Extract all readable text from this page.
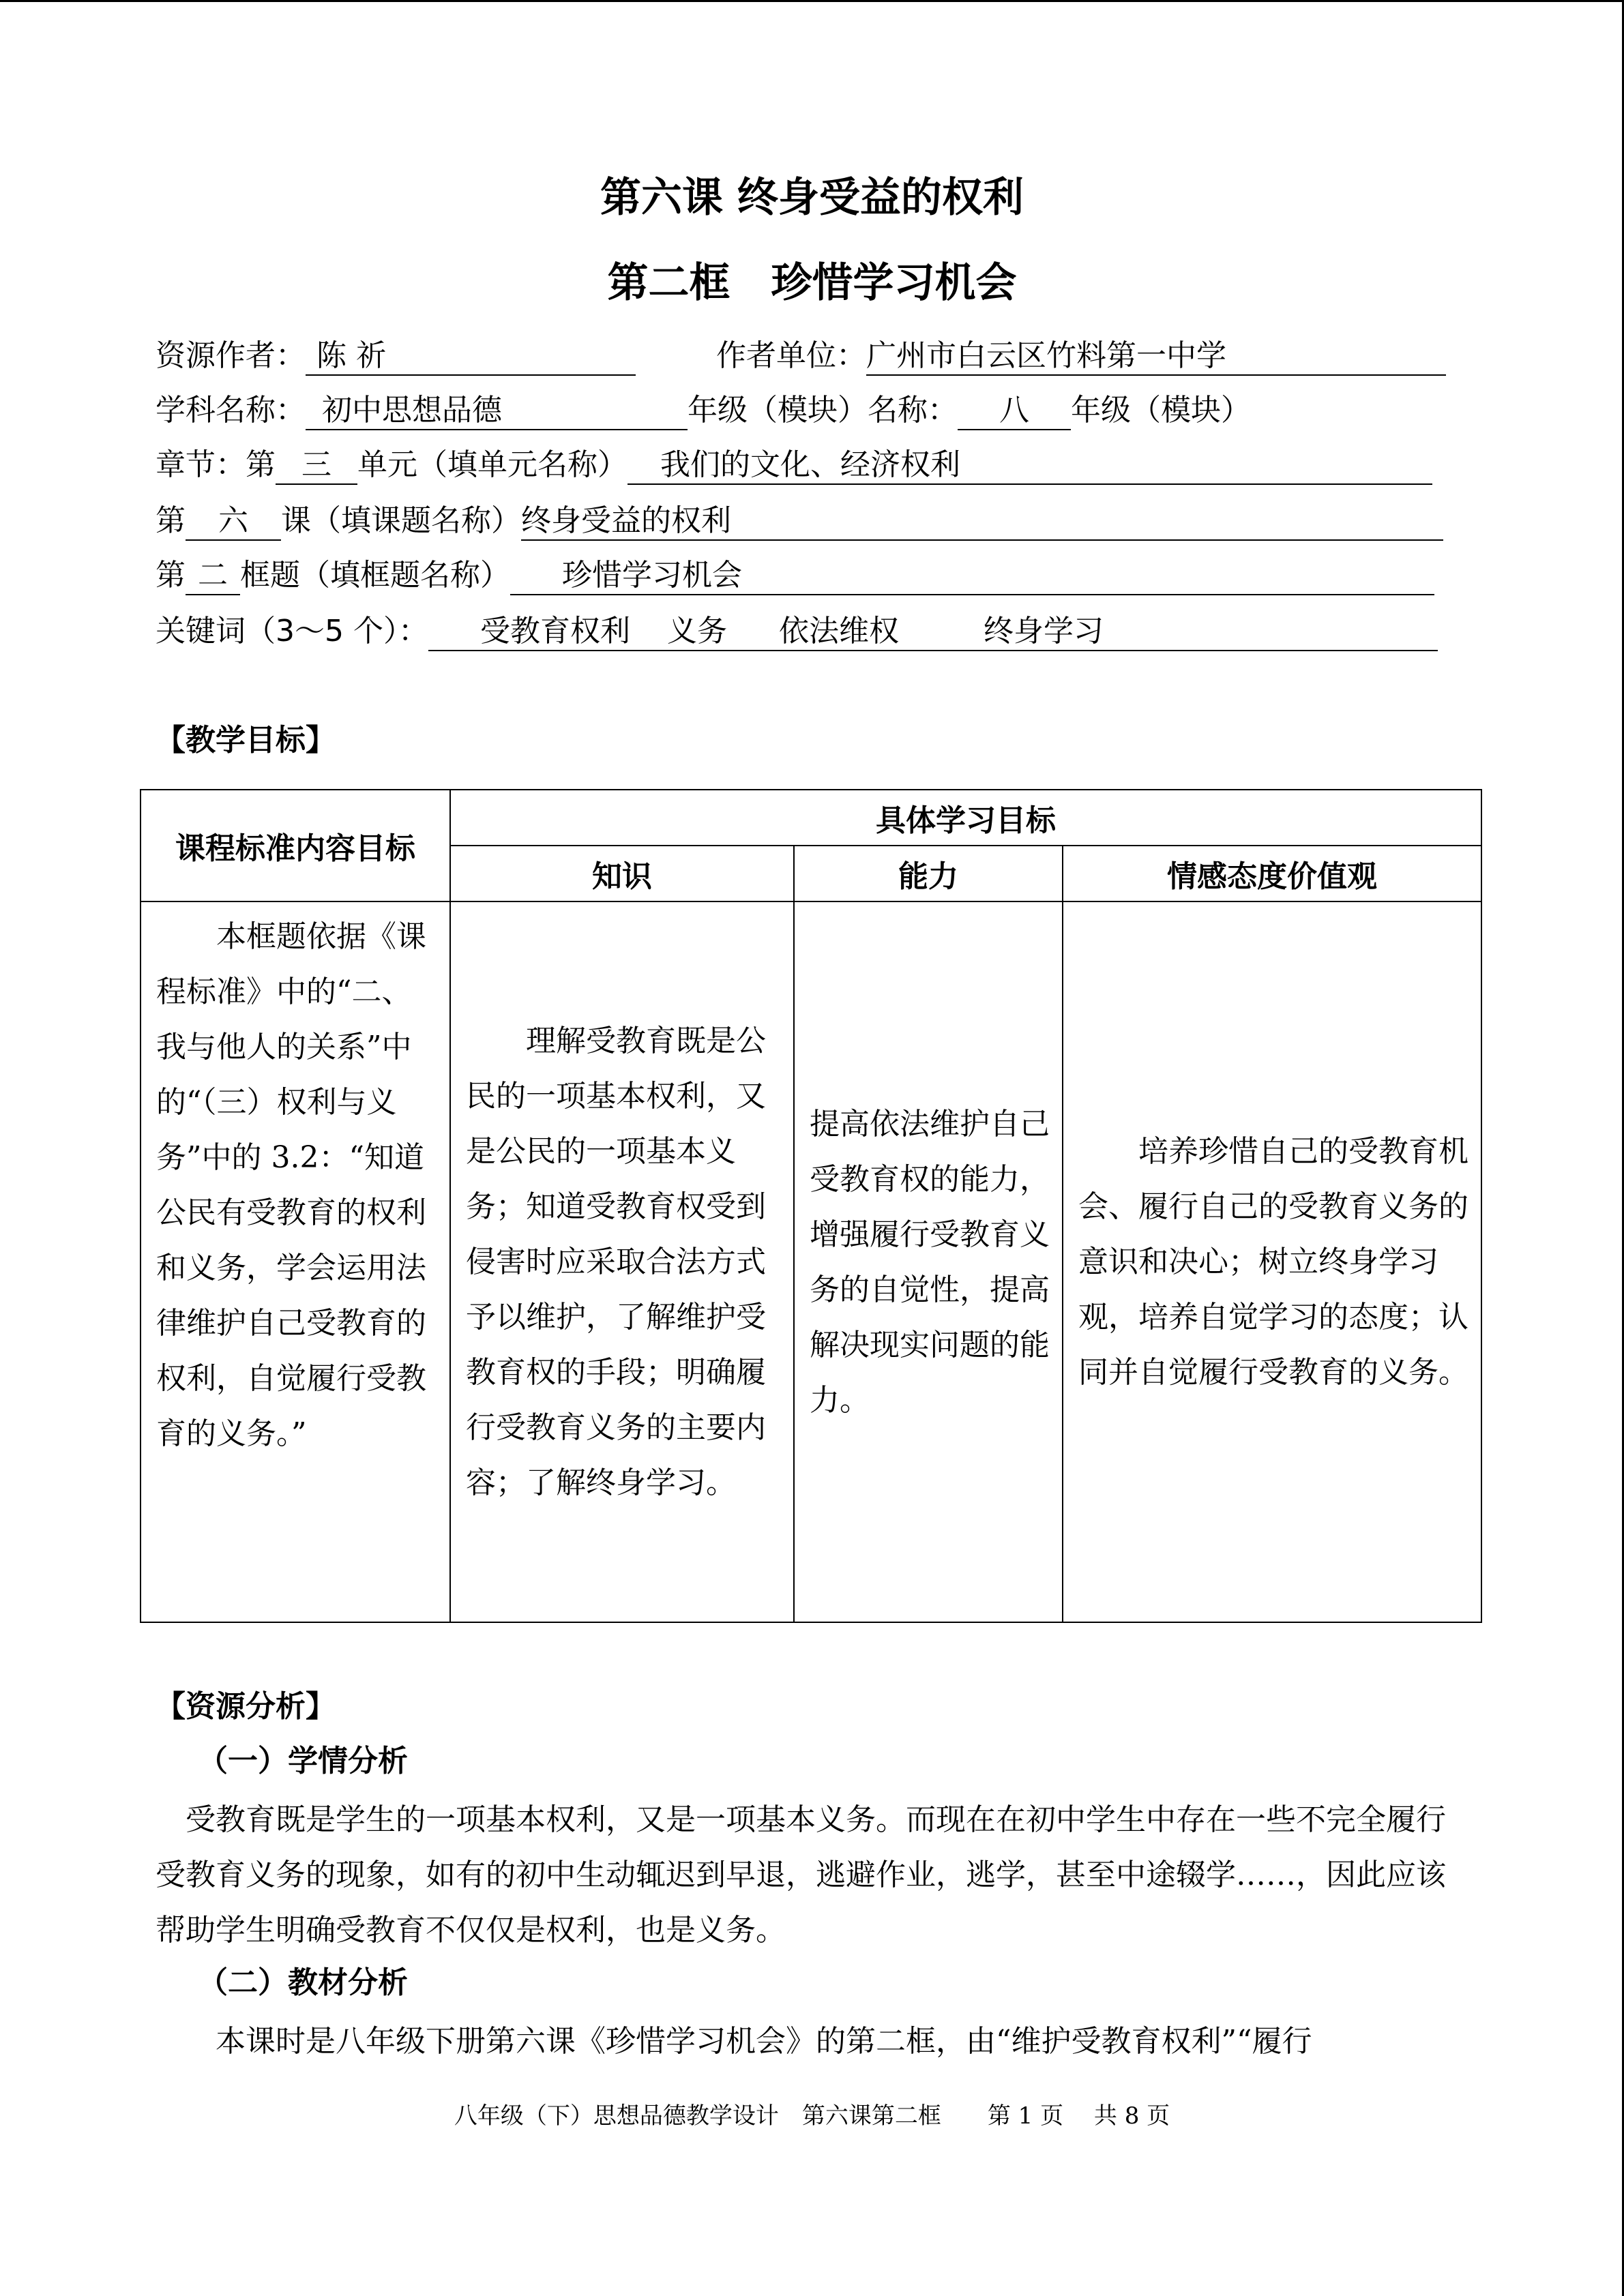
第六课 终身受益的权利
第二框　珍惜学习机会
资源作者： 陈 祈	作者单位：广州市白云区竹料第一中学
学科名称： 初中思想品德	年级（模块）名称： 八 年级（模块）
章节：第 三 单元（填单元名称） 我们的文化、经济权利
第 六 课（填课题名称）终身受益的权利
第 二 框题（填框题名称） 珍惜学习机会
关键词（3～5 个）： 受教育权利 义务 依法维权	终身学习
【教学目标】
课程标准内容目标	具体学习目标		
	知识	能力	情感态度价值观

　　本框题依据《课程标准》中的“二、我与他人的关系”中的“（三）权利与义务”中的 3.2：“知道公民有受教育的权利和义务，学会运用法律维护自己受教育的权利，自觉履行受教育的义务。”	　　理解受教育既是公民的一项基本权利，又是公民的一项基本义务；知道受教育权受到侵害时应采取合法方式予以维护，了解维护受教育权的手段；明确履行受教育义务的主要内容；了解终身学习。	提高依法维护自己受教育权的能力，增强履行受教育义务的自觉性，提高解决现实问题的能力。	　　培养珍惜自己的受教育机会、履行自己的受教育义务的意识和决心；树立终身学习观，培养自觉学习的态度；认同并自觉履行受教育的义务。
【资源分析】
（一）学情分析
　受教育既是学生的一项基本权利，又是一项基本义务。而现在在初中学生中存在一些不完全履行受教育义务的现象，如有的初中生动辄迟到早退，逃避作业，逃学，甚至中途辍学……，因此应该帮助学生明确受教育不仅仅是权利，也是义务。
（二）教材分析
　　本课时是八年级下册第六课《珍惜学习机会》的第二框，由“维护受教育权利”“履行
八年级（下）思想品德教学设计　第六课第二框　　第 1 页　 共 8 页
